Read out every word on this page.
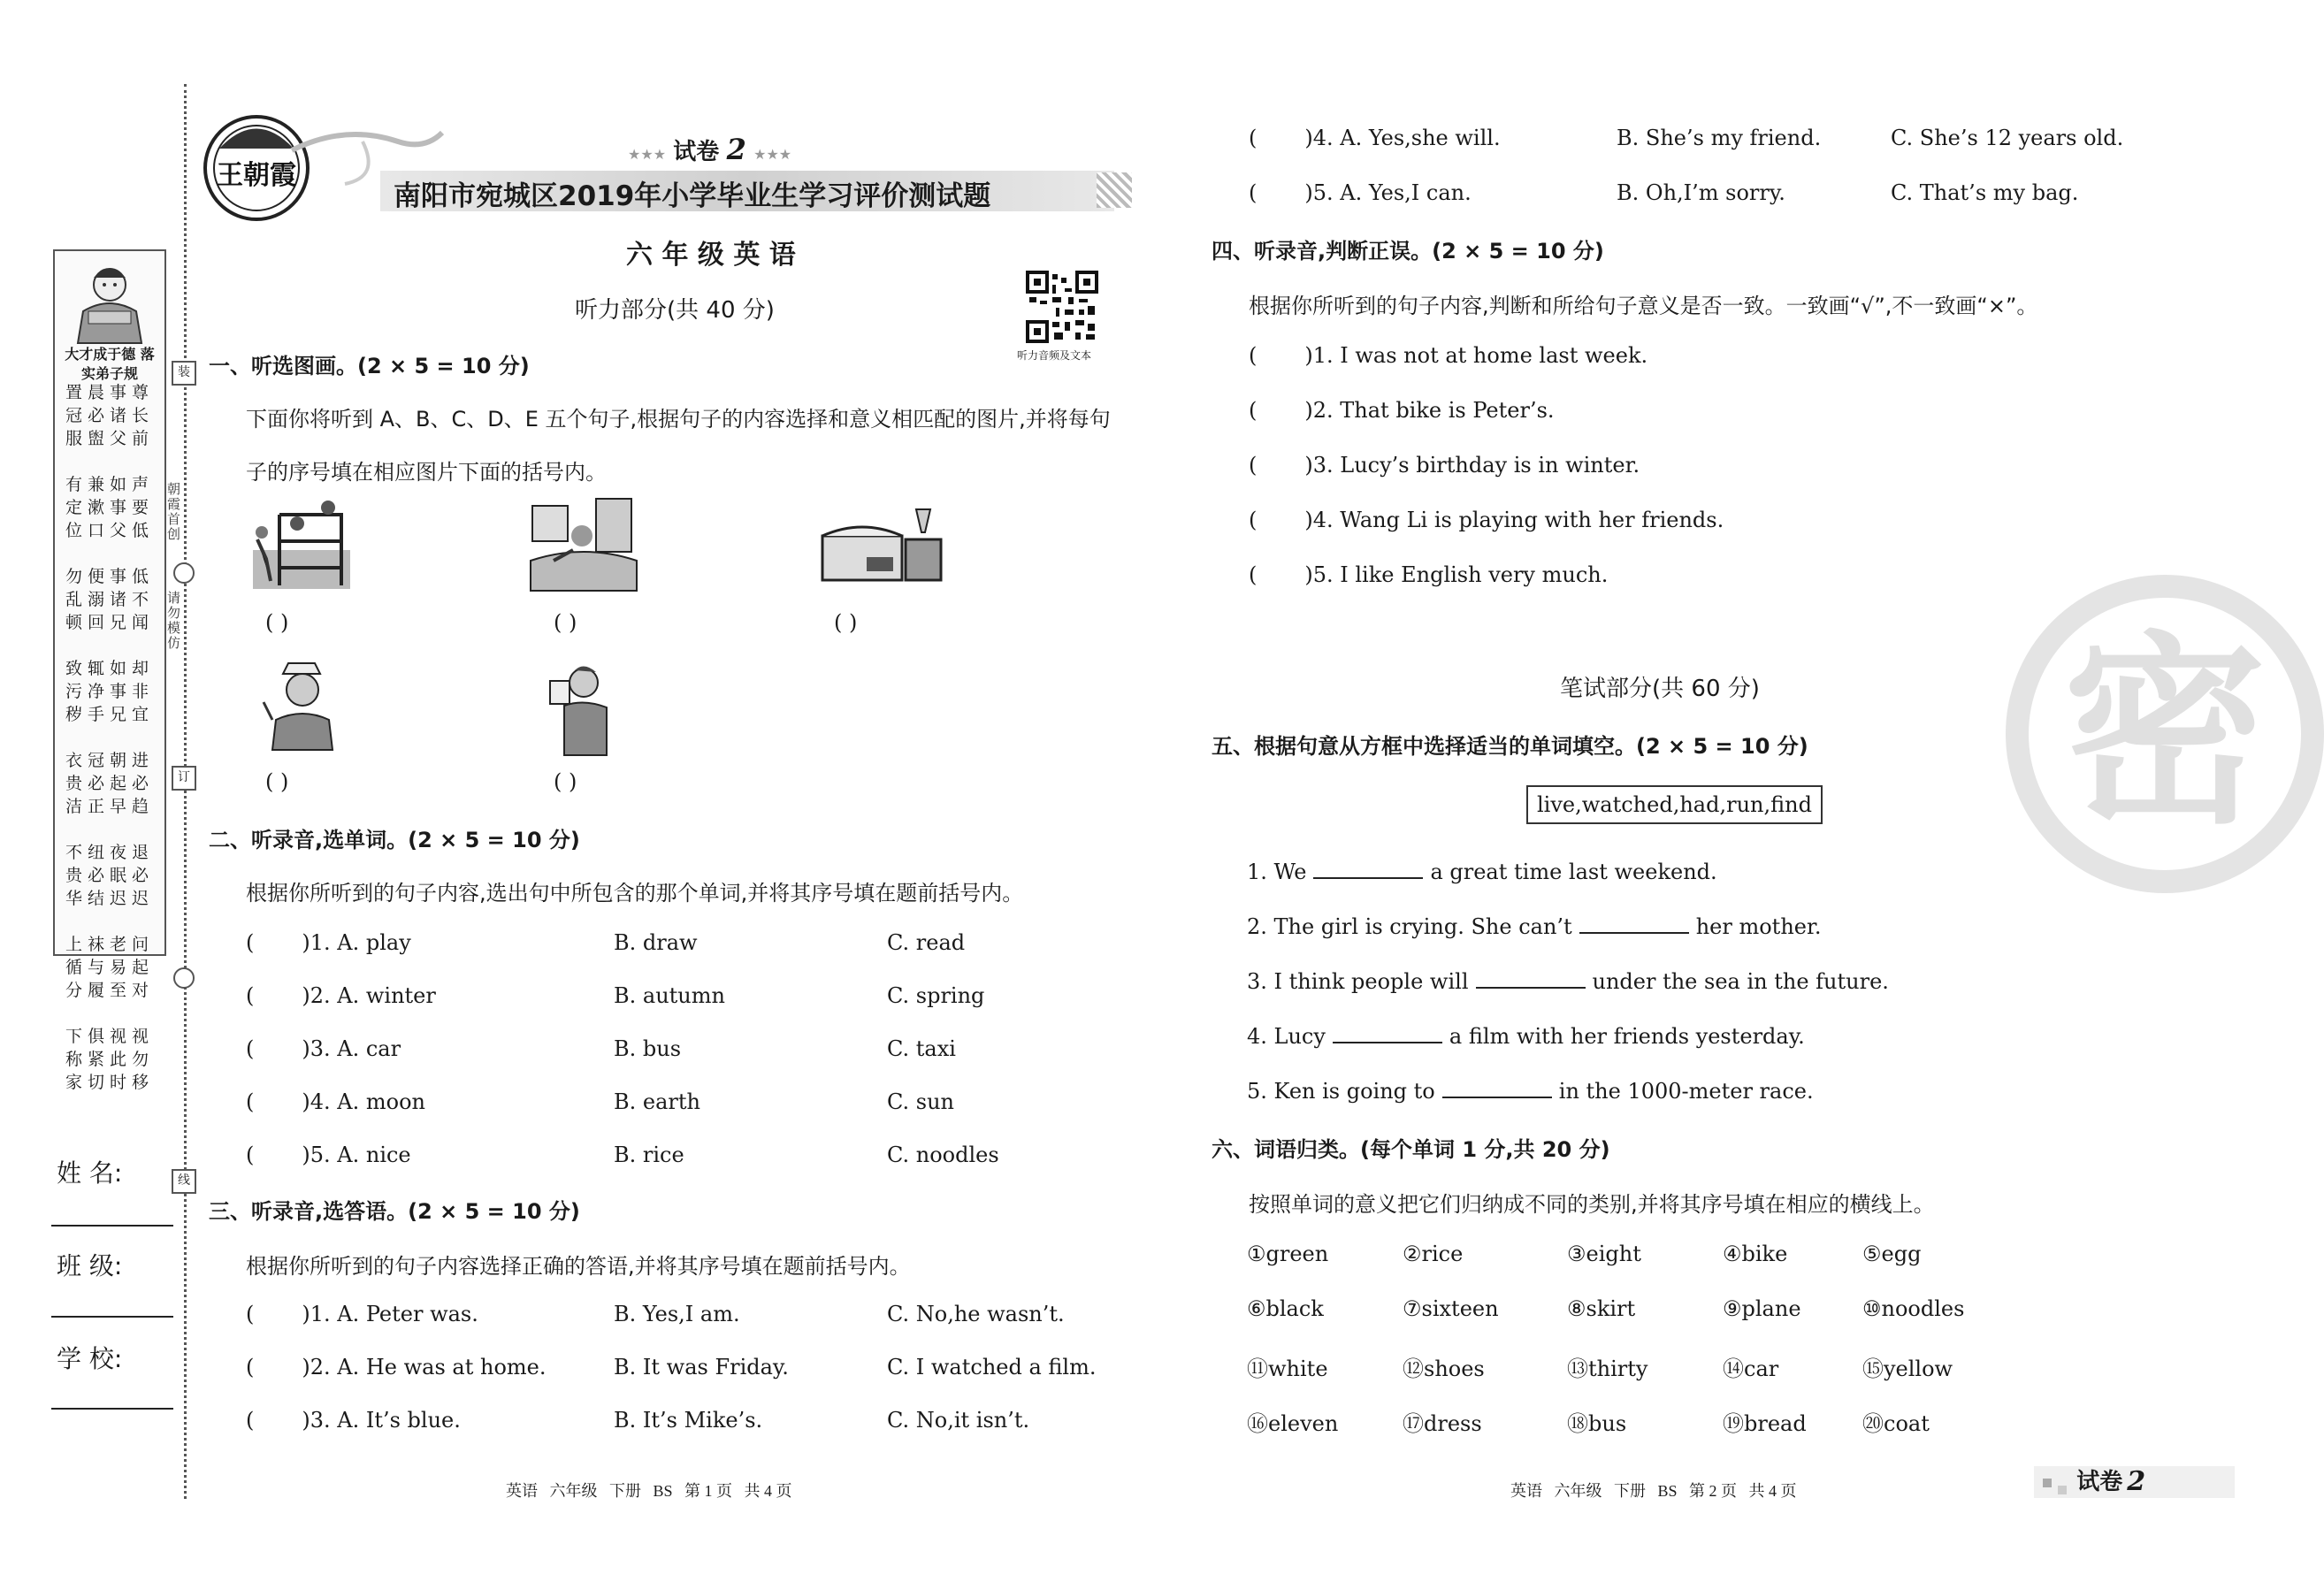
大才成于德 落实弟子规
置晨事尊
冠必诸长
服盥父前
有兼如声
定漱事要
位口父低
勿便事低
乱溺诸不
顿回兄闻
致辄如却
污净事非
秽手兄宜
衣冠朝进
贵必起必
洁正早趋
不纽夜退
贵必眠必
华结迟迟
上袜老问
循与易起
分履至对
下俱视视
称紧此勿
家切时移
朝霞首创
请勿模仿
装
订
线
姓 名:
班 级:
学 校:
王朝霞
★★★ 试卷 2 ★★★
南阳市宛城区2019年小学毕业生学习评价测试题
六 年 级 英 语
听力部分(共 40 分)
听力音频及文本
一、听选图画。(2 × 5 = 10 分)
下面你将听到 A、B、C、D、E 五个句子,根据句子的内容选择和意义相匹配的图片,并将每句
子的序号填在相应图片下面的括号内。
( )	( )	( )
( )	( )
二、听录音,选单词。(2 × 5 = 10 分)
根据你所听到的句子内容,选出句中所包含的那个单词,并将其序号填在题前括号内。
( )1. A. play	B. draw	C. read
( )2. A. winter	B. autumn	C. spring
( )3. A. car	B. bus	C. taxi
( )4. A. moon	B. earth	C. sun
( )5. A. nice	B. rice	C. noodles
三、听录音,选答语。(2 × 5 = 10 分)
根据你所听到的句子内容选择正确的答语,并将其序号填在题前括号内。
( )1. A. Peter was.	B. Yes,I am.	C. No,he wasn’t.
( )2. A. He was at home.	B. It was Friday.	C. I watched a film.
( )3. A. It’s blue.	B. It’s Mike’s.	C. No,it isn’t.
英语   六年级   下册   BS   第 1 页   共 4 页
( )4. A. Yes,she will.	B. She’s my friend.	C. She’s 12 years old.
( )5. A. Yes,I can.	B. Oh,I’m sorry.	C. That’s my bag.
四、听录音,判断正误。(2 × 5 = 10 分)
根据你所听到的句子内容,判断和所给句子意义是否一致。一致画“√”,不一致画“×”。
( )1. I was not at home last week.
( )2. That bike is Peter’s.
( )3. Lucy’s birthday is in winter.
( )4. Wang Li is playing with her friends.
( )5. I like English very much.
笔试部分(共 60 分)
五、根据句意从方框中选择适当的单词填空。(2 × 5 = 10 分)
live,watched,had,run,find
1. We	a great time last weekend.
2. The girl is crying. She can’t	her mother.
3. I think people will	under the sea in the future.
4. Lucy	a film with her friends yesterday.
5. Ken is going to	in the 1000-meter race.
六、词语归类。(每个单词 1 分,共 20 分)
按照单词的意义把它们归纳成不同的类别,并将其序号填在相应的横线上。
①green	②rice	③eight	④bike	⑤egg
⑥black	⑦sixteen	⑧skirt	⑨plane	⑩noodles
⑪white	⑫shoes	⑬thirty	⑭car	⑮yellow
⑯eleven	⑰dress	⑱bus	⑲bread	⑳coat
英语   六年级   下册   BS   第 2 页   共 4 页
密
试卷 2
